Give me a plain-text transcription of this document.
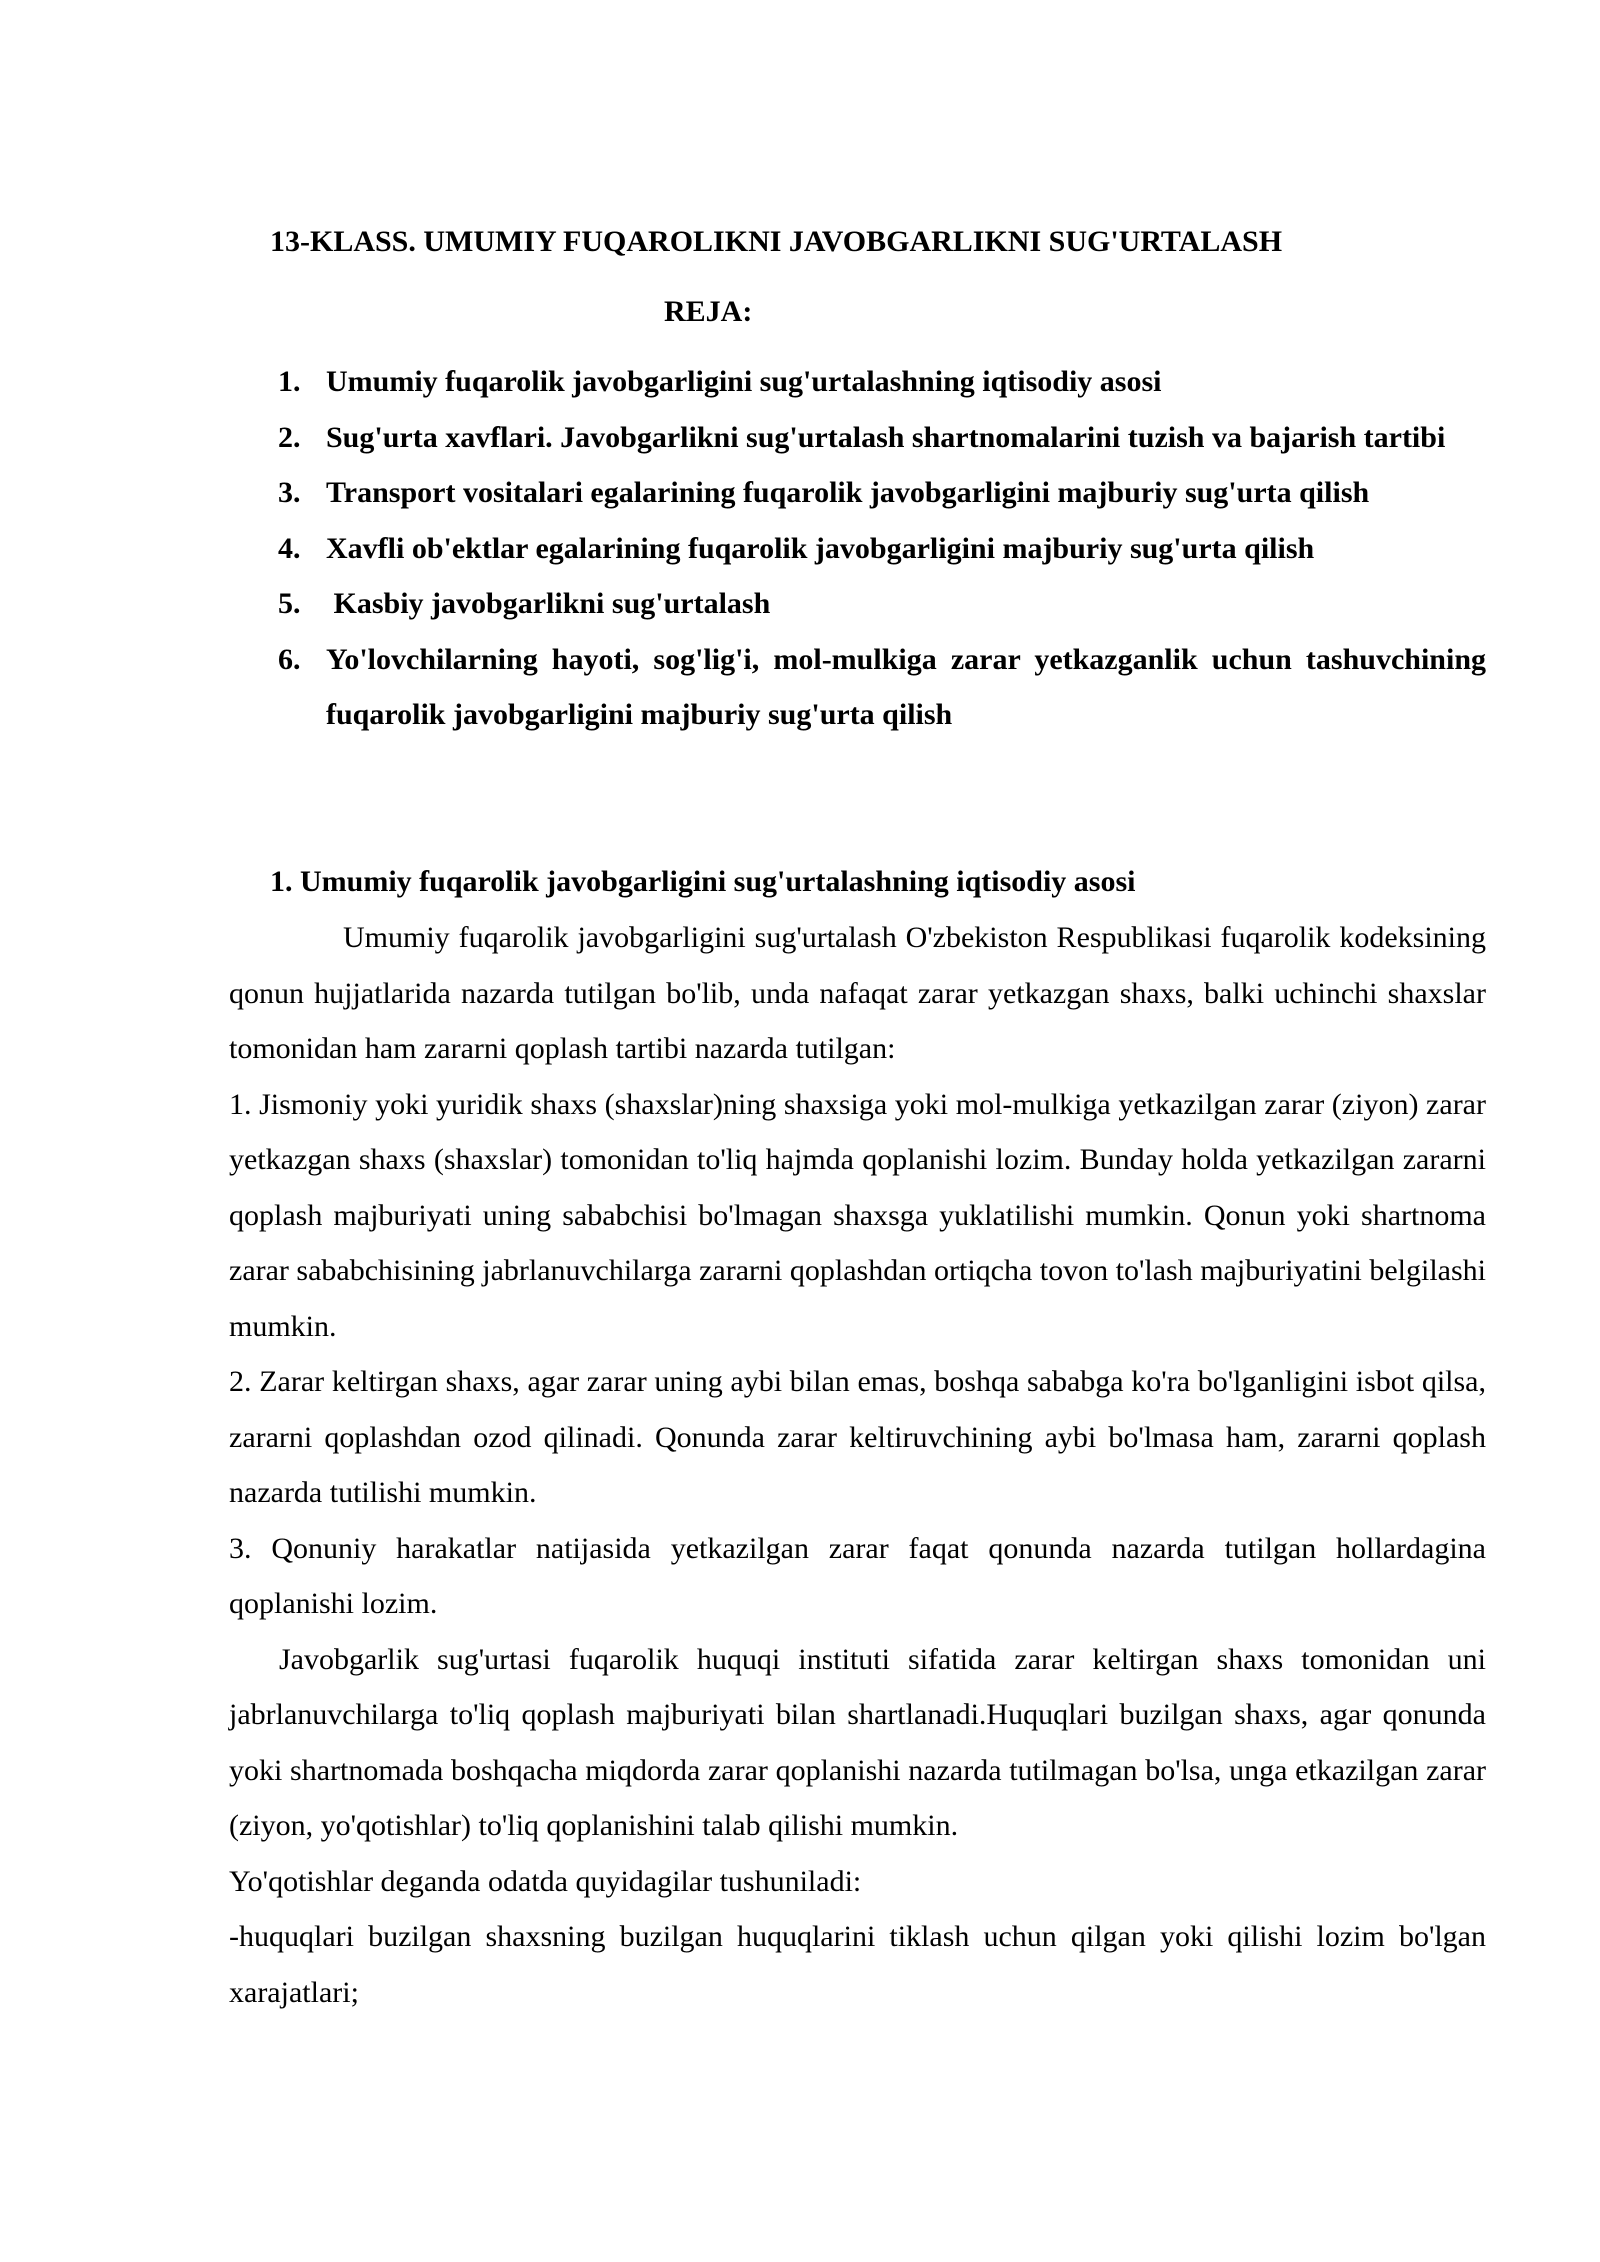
13-KLASS. UMUMIY FUQAROLIKNI JAVOBGARLIKNI SUG'URTALASH
REJA:
1. Umumiy fuqarolik javobgarligini sug'urtalashning iqtisodiy asosi
2. Sug'urta xavflari. Javobgarlikni sug'urtalash shartnomalarini tuzish va bajarish tartibi
3. Transport vositalari egalarining fuqarolik javobgarligini majburiy sug'urta qilish
4. Xavfli ob'ektlar egalarining fuqarolik javobgarligini majburiy sug'urta qilish
5. Kasbiy javobgarlikni sug'urtalash
6. Yo'lovchilarning hayoti, sog'lig'i, mol-mulkiga zarar yetkazganlik uchun tashuvchining fuqarolik javobgarligini majburiy sug'urta qilish
1. Umumiy fuqarolik javobgarligini sug'urtalashning iqtisodiy asosi

Umumiy fuqarolik javobgarligini sug'urtalash O'zbekiston Respublikasi fuqarolik kodeksining qonun hujjatlarida nazarda tutilgan bo'lib, unda nafaqat zarar yetkazgan shaxs, balki uchinchi shaxslar tomonidan ham zararni qoplash tartibi nazarda tutilgan:

1. Jismoniy yoki yuridik shaxs (shaxslar)ning shaxsiga yoki mol-mulkiga yetkazilgan zarar (ziyon) zarar yetkazgan shaxs (shaxslar) tomonidan to'liq hajmda qoplanishi lozim. Bunday holda yetkazilgan zararni qoplash majburiyati uning sababchisi bo'lmagan shaxsga yuklatilishi mumkin. Qonun yoki shartnoma zarar sababchisining jabrlanuvchilarga zararni qoplashdan ortiqcha tovon to'lash majburiyatini belgilashi mumkin.

2. Zarar keltirgan shaxs, agar zarar uning aybi bilan emas, boshqa sababga ko'ra bo'lganligini isbot qilsa, zararni qoplashdan ozod qilinadi. Qonunda zarar keltiruvchining aybi bo'lmasa ham, zararni qoplash nazarda tutilishi mumkin.

3. Qonuniy harakatlar natijasida yetkazilgan zarar faqat qonunda nazarda tutilgan hollardagina qoplanishi lozim.

Javobgarlik sug'urtasi fuqarolik huquqi instituti sifatida zarar keltirgan shaxs tomonidan uni jabrlanuvchilarga to'liq qoplash majburiyati bilan shartlanadi.Huquqlari buzilgan shaxs, agar qonunda yoki shartnomada boshqacha miqdorda zarar qoplanishi nazarda tutilmagan bo'lsa, unga etkazilgan zarar (ziyon, yo'qotishlar) to'liq qoplanishini talab qilishi mumkin.

Yo'qotishlar deganda odatda quyidagilar tushuniladi:

-huquqlari buzilgan shaxsning buzilgan huquqlarini tiklash uchun qilgan yoki qilishi lozim bo'lgan xarajatlari;
